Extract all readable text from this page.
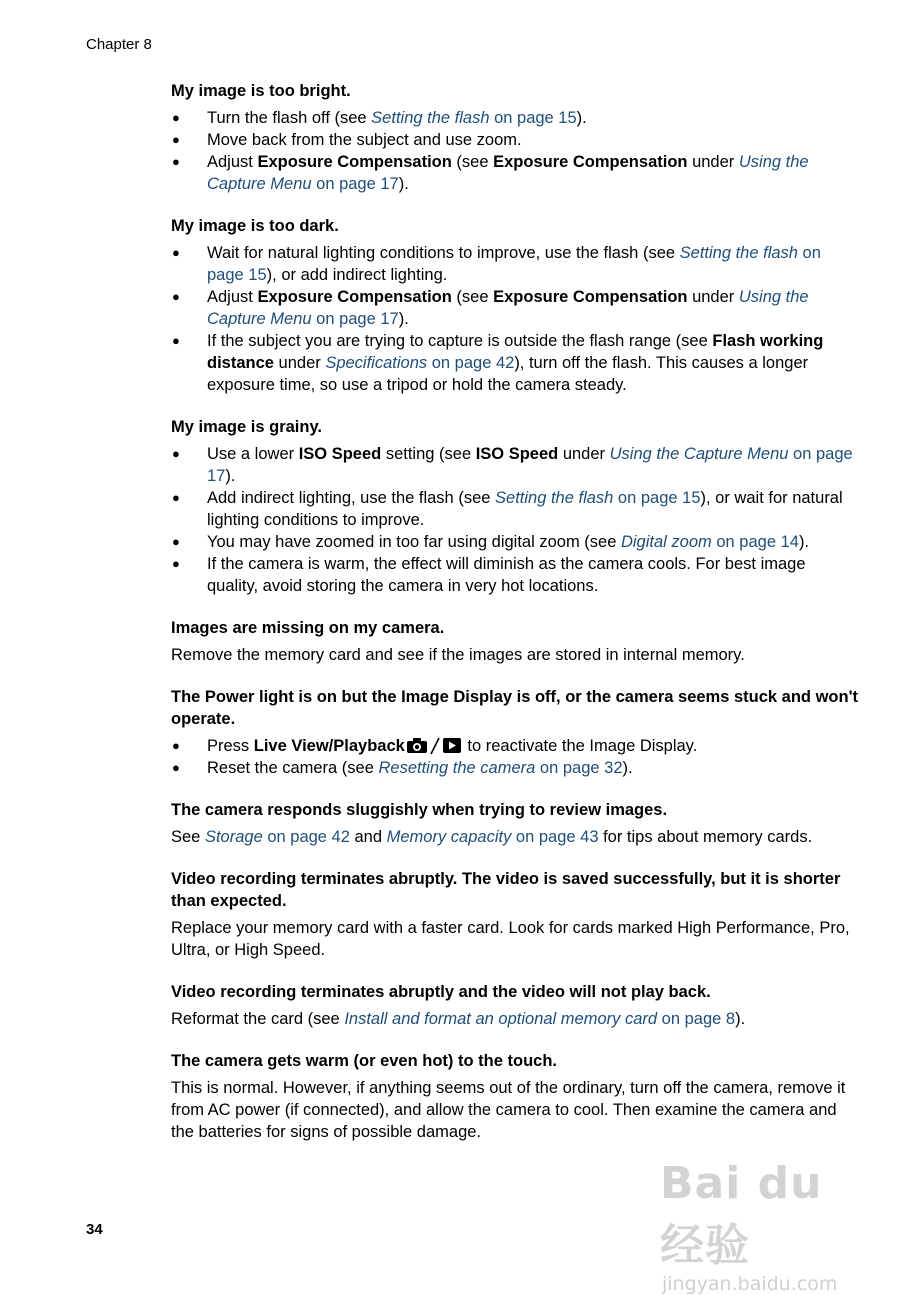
Chapter 8
My image is too bright.
● Turn the flash off (see Setting the flash on page 15).
● Move back from the subject and use zoom.
● Adjust Exposure Compensation (see Exposure Compensation under Using the Capture Menu on page 17).
My image is too dark.
● Wait for natural lighting conditions to improve, use the flash (see Setting the flash on page 15), or add indirect lighting.
● Adjust Exposure Compensation (see Exposure Compensation under Using the Capture Menu on page 17).
● If the subject you are trying to capture is outside the flash range (see Flash working distance under Specifications on page 42), turn off the flash. This causes a longer exposure time, so use a tripod or hold the camera steady.
My image is grainy.
● Use a lower ISO Speed setting (see ISO Speed under Using the Capture Menu on page 17).
● Add indirect lighting, use the flash (see Setting the flash on page 15), or wait for natural lighting conditions to improve.
● You may have zoomed in too far using digital zoom (see Digital zoom on page 14).
● If the camera is warm, the effect will diminish as the camera cools. For best image quality, avoid storing the camera in very hot locations.
Images are missing on my camera.

Remove the memory card and see if the images are stored in internal memory.

The Power light is on but the Image Display is off, or the camera seems stuck and won't operate.
● Press Live View/Playback	to reactivate the Image Display.
● Reset the camera (see Resetting the camera on page 32).
The camera responds sluggishly when trying to review images.

See Storage on page 42 and Memory capacity on page 43 for tips about memory cards.

Video recording terminates abruptly. The video is saved successfully, but it is shorter than expected.

Replace your memory card with a faster card. Look for cards marked High Performance, Pro, Ultra, or High Speed.

Video recording terminates abruptly and the video will not play back.

Reformat the card (see Install and format an optional memory card on page 8).

The camera gets warm (or even hot) to the touch.

This is normal. However, if anything seems out of the ordinary, turn off the camera, remove it from AC power (if connected), and allow the camera to cool. Then examine the camera and the batteries for signs of possible damage.

34
Bai du 经验
jingyan.baidu.com
